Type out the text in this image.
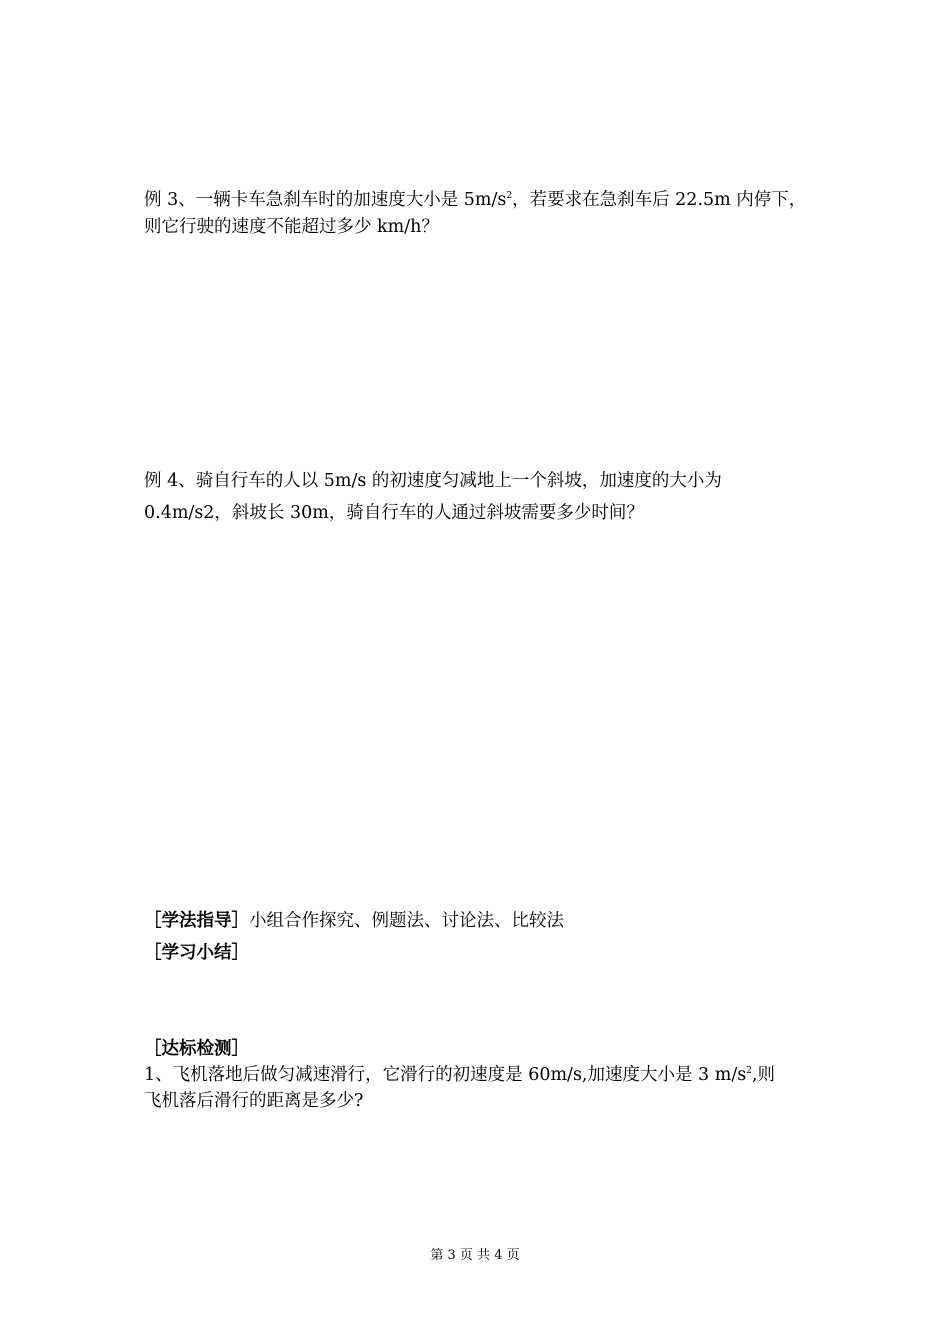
例 3、一辆卡车急刹车时的加速度大小是 $5m/s^2$，若要求在急刹车后 22.5m 内停下，
则它行驶的速度不能超过多少 km/h？
例 4、骑自行车的人以 5m/s 的初速度匀减地上一个斜坡，加速度的大小为
0.4m/s2，斜坡长 30m，骑自行车的人通过斜坡需要多少时间？
［学法指导］小组合作探究、例题法、讨论法、比较法
［学习小结］
［达标检测］
1、飞机落地后做匀减速滑行，它滑行的初速度是 60m/s,加速度大小是 3 $m/s^2$,则
飞机落后滑行的距离是多少?
第 3 页 共 4 页
